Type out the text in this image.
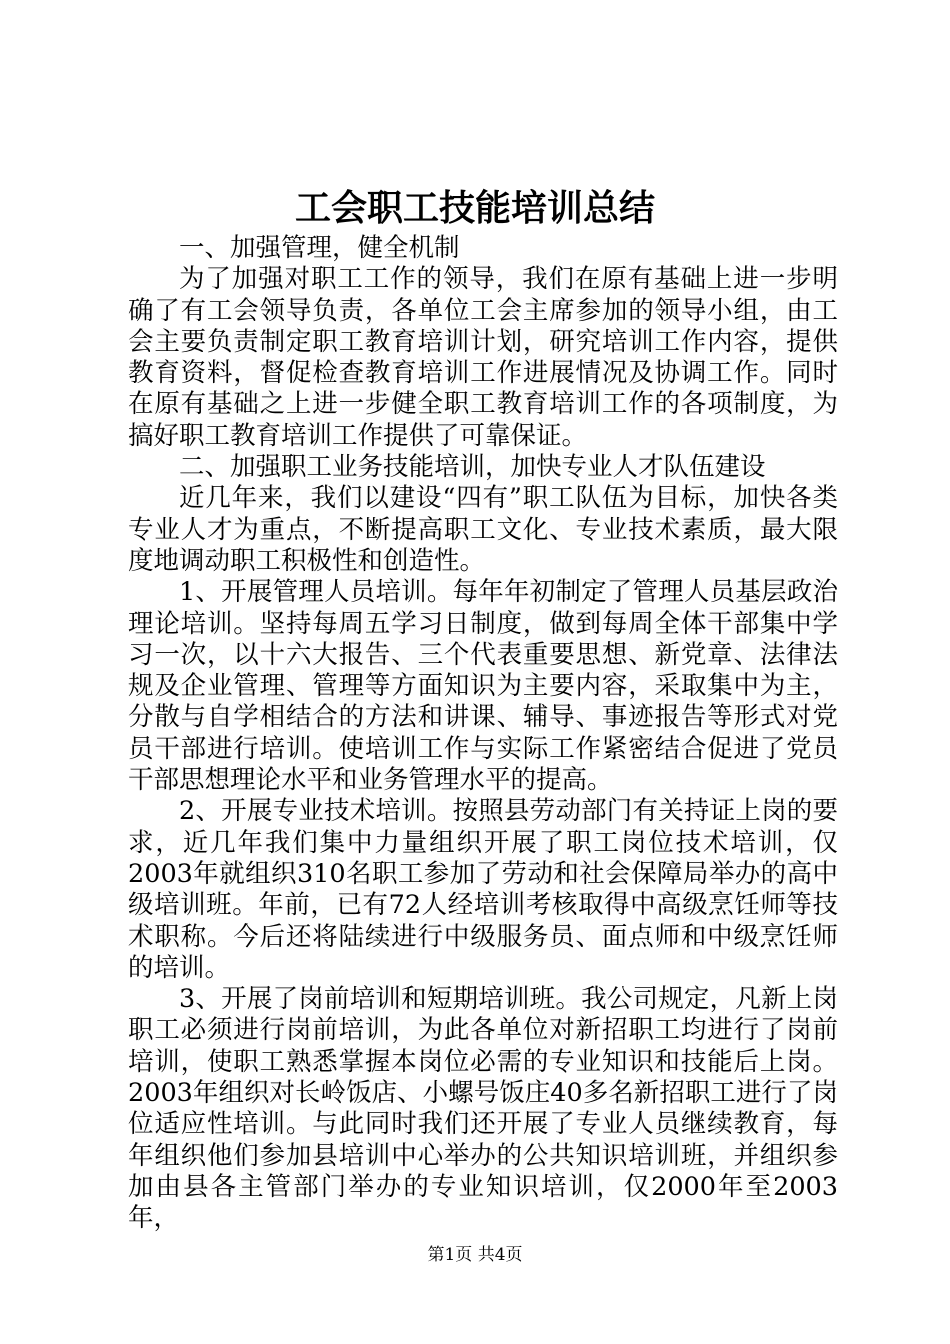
工会职工技能培训总结

一、加强管理，健全机制

为了加强对职工工作的领导，我们在原有基础上进一步明确了有工会领导负责，各单位工会主席参加的领导小组，由工会主要负责制定职工教育培训计划，研究培训工作内容，提供教育资料，督促检查教育培训工作进展情况及协调工作。同时在原有基础之上进一步健全职工教育培训工作的各项制度，为搞好职工教育培训工作提供了可靠保证。

二、加强职工业务技能培训，加快专业人才队伍建设

近几年来，我们以建设“四有”职工队伍为目标，加快各类专业人才为重点，不断提高职工文化、专业技术素质，最大限度地调动职工积极性和创造性。

1、开展管理人员培训。每年年初制定了管理人员基层政治理论培训。坚持每周五学习日制度，做到每周全体干部集中学习一次，以十六大报告、三个代表重要思想、新党章、法律法规及企业管理、管理等方面知识为主要内容，采取集中为主，分散与自学相结合的方法和讲课、辅导、事迹报告等形式对党员干部进行培训。使培训工作与实际工作紧密结合促进了党员干部思想理论水平和业务管理水平的提高。

2、开展专业技术培训。按照县劳动部门有关持证上岗的要求，近几年我们集中力量组织开展了职工岗位技术培训，仅2003年就组织310名职工参加了劳动和社会保障局举办的高中级培训班。年前，已有72人经培训考核取得中高级烹饪师等技术职称。今后还将陆续进行中级服务员、面点师和中级烹饪师的培训。

3、开展了岗前培训和短期培训班。我公司规定，凡新上岗职工必须进行岗前培训，为此各单位对新招职工均进行了岗前培训，使职工熟悉掌握本岗位必需的专业知识和技能后上岗。2003年组织对长岭饭店、小螺号饭庄40多名新招职工进行了岗位适应性培训。与此同时我们还开展了专业人员继续教育，每年组织他们参加县培训中心举办的公共知识培训班，并组织参加由县各主管部门举办的专业知识培训，仅2000年至2003年，

第1页 共4页
